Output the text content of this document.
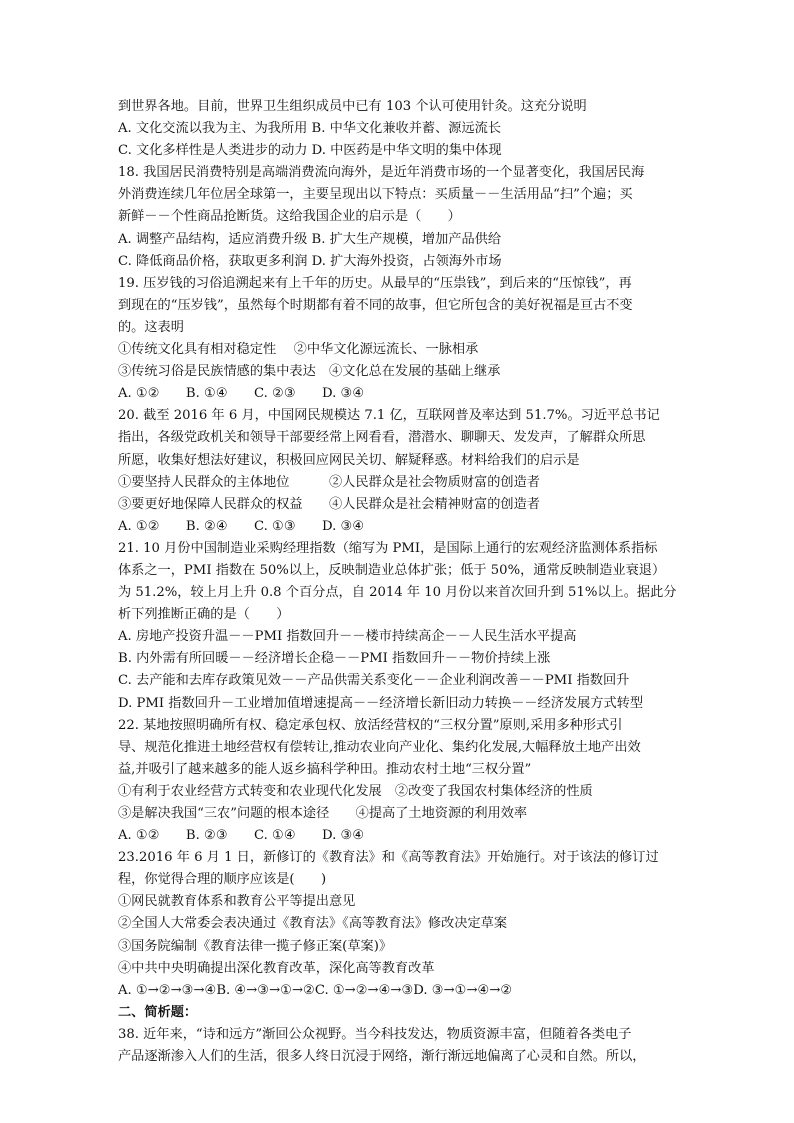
到世界各地。目前，世界卫生组织成员中已有 103 个认可使用针灸。这充分说明
A. 文化交流以我为主、为我所用 B. 中华文化兼收并蓄、源远流长
C. 文化多样性是人类进步的动力 D. 中医药是中华文明的集中体现
18. 我国居民消费特别是高端消费流向海外，是近年消费市场的一个显著变化，我国居民海
外消费连续几年位居全球第一，主要呈现出以下特点：买质量－－生活用品“扫”个遍；买
新鲜－－个性商品抢断货。这给我国企业的启示是（　　）
A. 调整产品结构，适应消费升级 B. 扩大生产规模，增加产品供给
C. 降低商品价格，获取更多利润 D. 扩大海外投资，占领海外市场
19. 压岁钱的习俗追溯起来有上千年的历史。从最早的“压祟钱”，到后来的“压惊钱”，再
到现在的“压岁钱”，虽然每个时期都有着不同的故事，但它所包含的美好祝福是亘古不变
的。这表明
①传统文化具有相对稳定性　 ②中华文化源远流长、一脉相承
③传统习俗是民族情感的集中表达　④文化总在发展的基础上继承
A. ①②　　B. ①④　　C. ②③　　D. ③④
20. 截至 2016 年 6 月，中国网民规模达 7.1 亿，互联网普及率达到 51.7%。习近平总书记
指出，各级党政机关和领导干部要经常上网看看，潜潜水、聊聊天、发发声，了解群众所思
所愿，收集好想法好建议，积极回应网民关切、解疑释惑。材料给我们的启示是
①要坚持人民群众的主体地位　　　②人民群众是社会物质财富的创造者
③要更好地保障人民群众的权益　　④人民群众是社会精神财富的创造者
A. ①②　　B. ②④　　C. ①③　　D. ③④
21. 10 月份中国制造业采购经理指数（缩写为 PMI，是国际上通行的宏观经济监测体系指标
体系之一，PMI 指数在 50%以上，反映制造业总体扩张；低于 50%，通常反映制造业衰退）
为 51.2%，较上月上升 0.8 个百分点，自 2014 年 10 月份以来首次回升到 51%以上。据此分
析下列推断正确的是（　　）
A. 房地产投资升温－－PMI 指数回升－－楼市持续高企－－人民生活水平提高
B. 内外需有所回暖－－经济增长企稳－－PMI 指数回升－－物价持续上涨
C. 去产能和去库存政策见效－－产品供需关系变化－－企业利润改善－－PMI 指数回升
D. PMI 指数回升－工业增加值增速提高－－经济增长新旧动力转换－－经济发展方式转型
22. 某地按照明确所有权、稳定承包权、放活经营权的“三权分置”原则,采用多种形式引
导、规范化推进土地经营权有偿转让,推动农业向产业化、集约化发展,大幅释放土地产出效
益,并吸引了越来越多的能人返乡搞科学种田。推动农村土地“三权分置”
①有利于农业经营方式转变和农业现代化发展　②改变了我国农村集体经济的性质
③是解决我国“三农”问题的根本途径　　④提高了土地资源的利用效率
A. ①②　　B. ②③　　C. ①④　　D. ③④
23.2016 年 6 月 1 日，新修订的《教育法》和《高等教育法》开始施行。对于该法的修订过
程，你觉得合理的顺序应该是(　　)
①网民就教育体系和教育公平等提出意见
②全国人大常委会表决通过《教育法》《高等教育法》修改决定草案
③国务院编制《教育法律一揽子修正案(草案)》
④中共中央明确提出深化教育改革，深化高等教育改革
A. ①→②→③→④B. ④→③→①→②C. ①→②→④→③D. ③→①→④→②
二、简析题：
38. 近年来，“诗和远方”渐回公众视野。当今科技发达，物质资源丰富，但随着各类电子
产品逐渐渗入人们的生活，很多人终日沉浸于网络，渐行渐远地偏离了心灵和自然。所以，
